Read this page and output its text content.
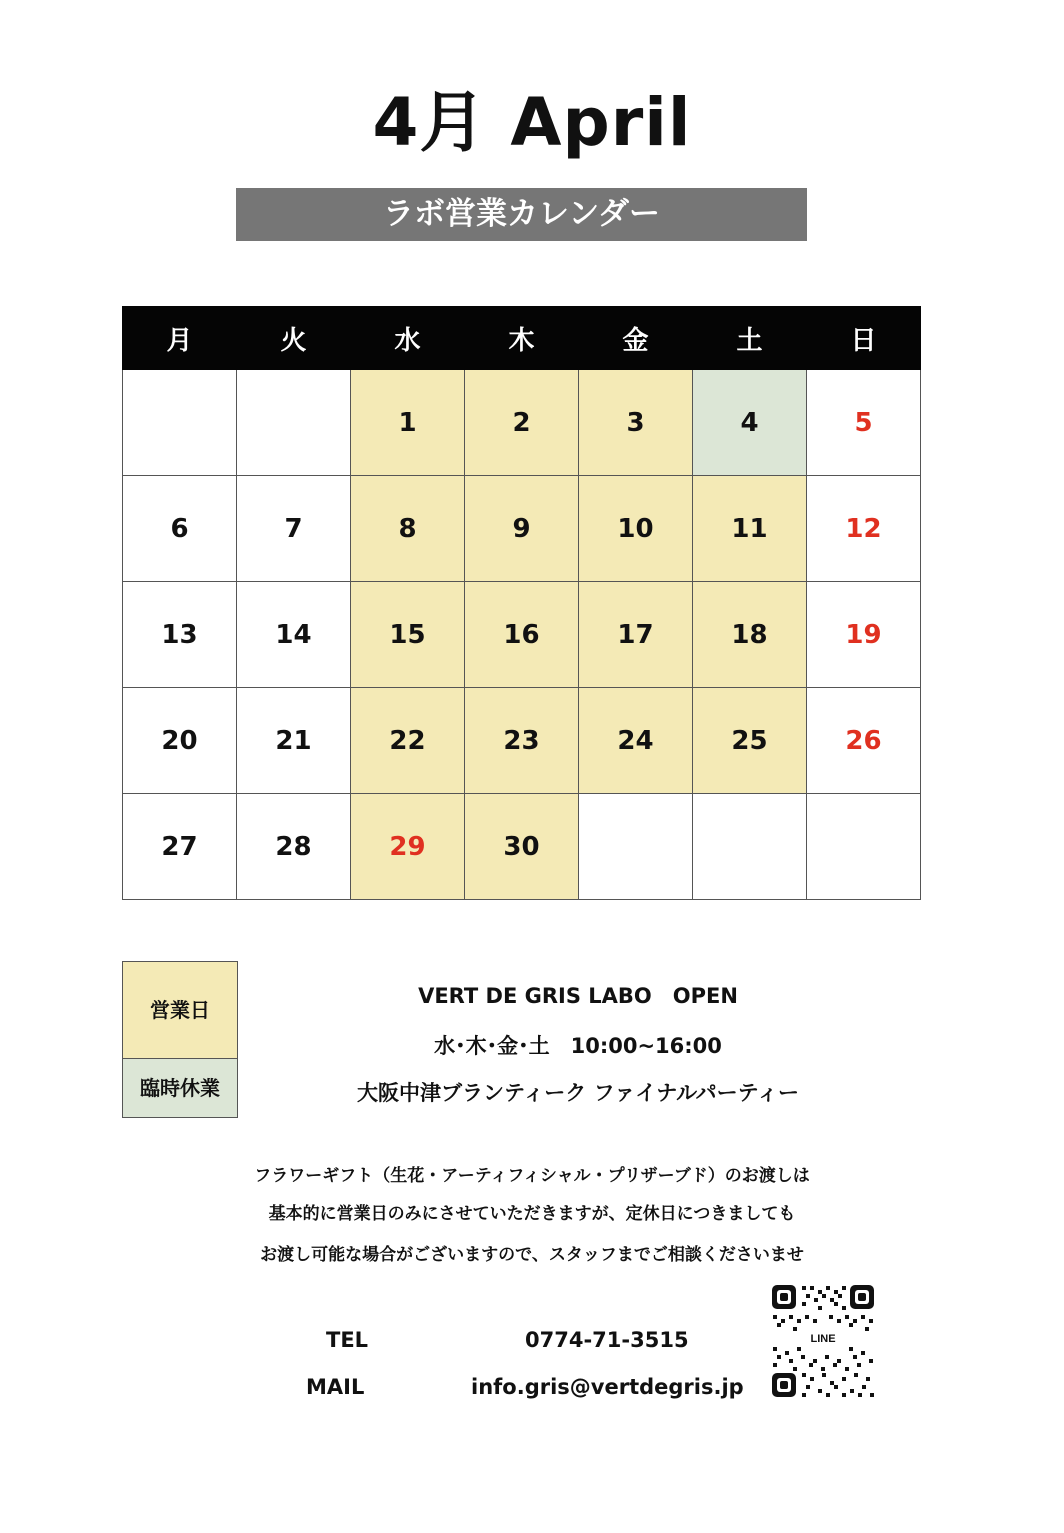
4月 April
ラボ営業カレンダー
月	火	水	木	金	土	日
		1	2	3	4	5
6	7	8	9	10	11	12
13	14	15	16	17	18	19
20	21	22	23	24	25	26
27	28	29	30			
営業日
臨時休業

VERT DE GRIS LABO　OPEN

水･木･金･土　10:00~16:00

大阪中津ブランティーク ファイナルパーティー

フラワーギフト（生花・アーティフィシャル・プリザーブド）のお渡しは

基本的に営業日のみにさせていただきますが、定休日につきましても

お渡し可能な場合がございますので、スタッフまでご相談くださいませ

TEL	0774-71-3515
MAIL	info.gris@vertdegris.jp
LINE
